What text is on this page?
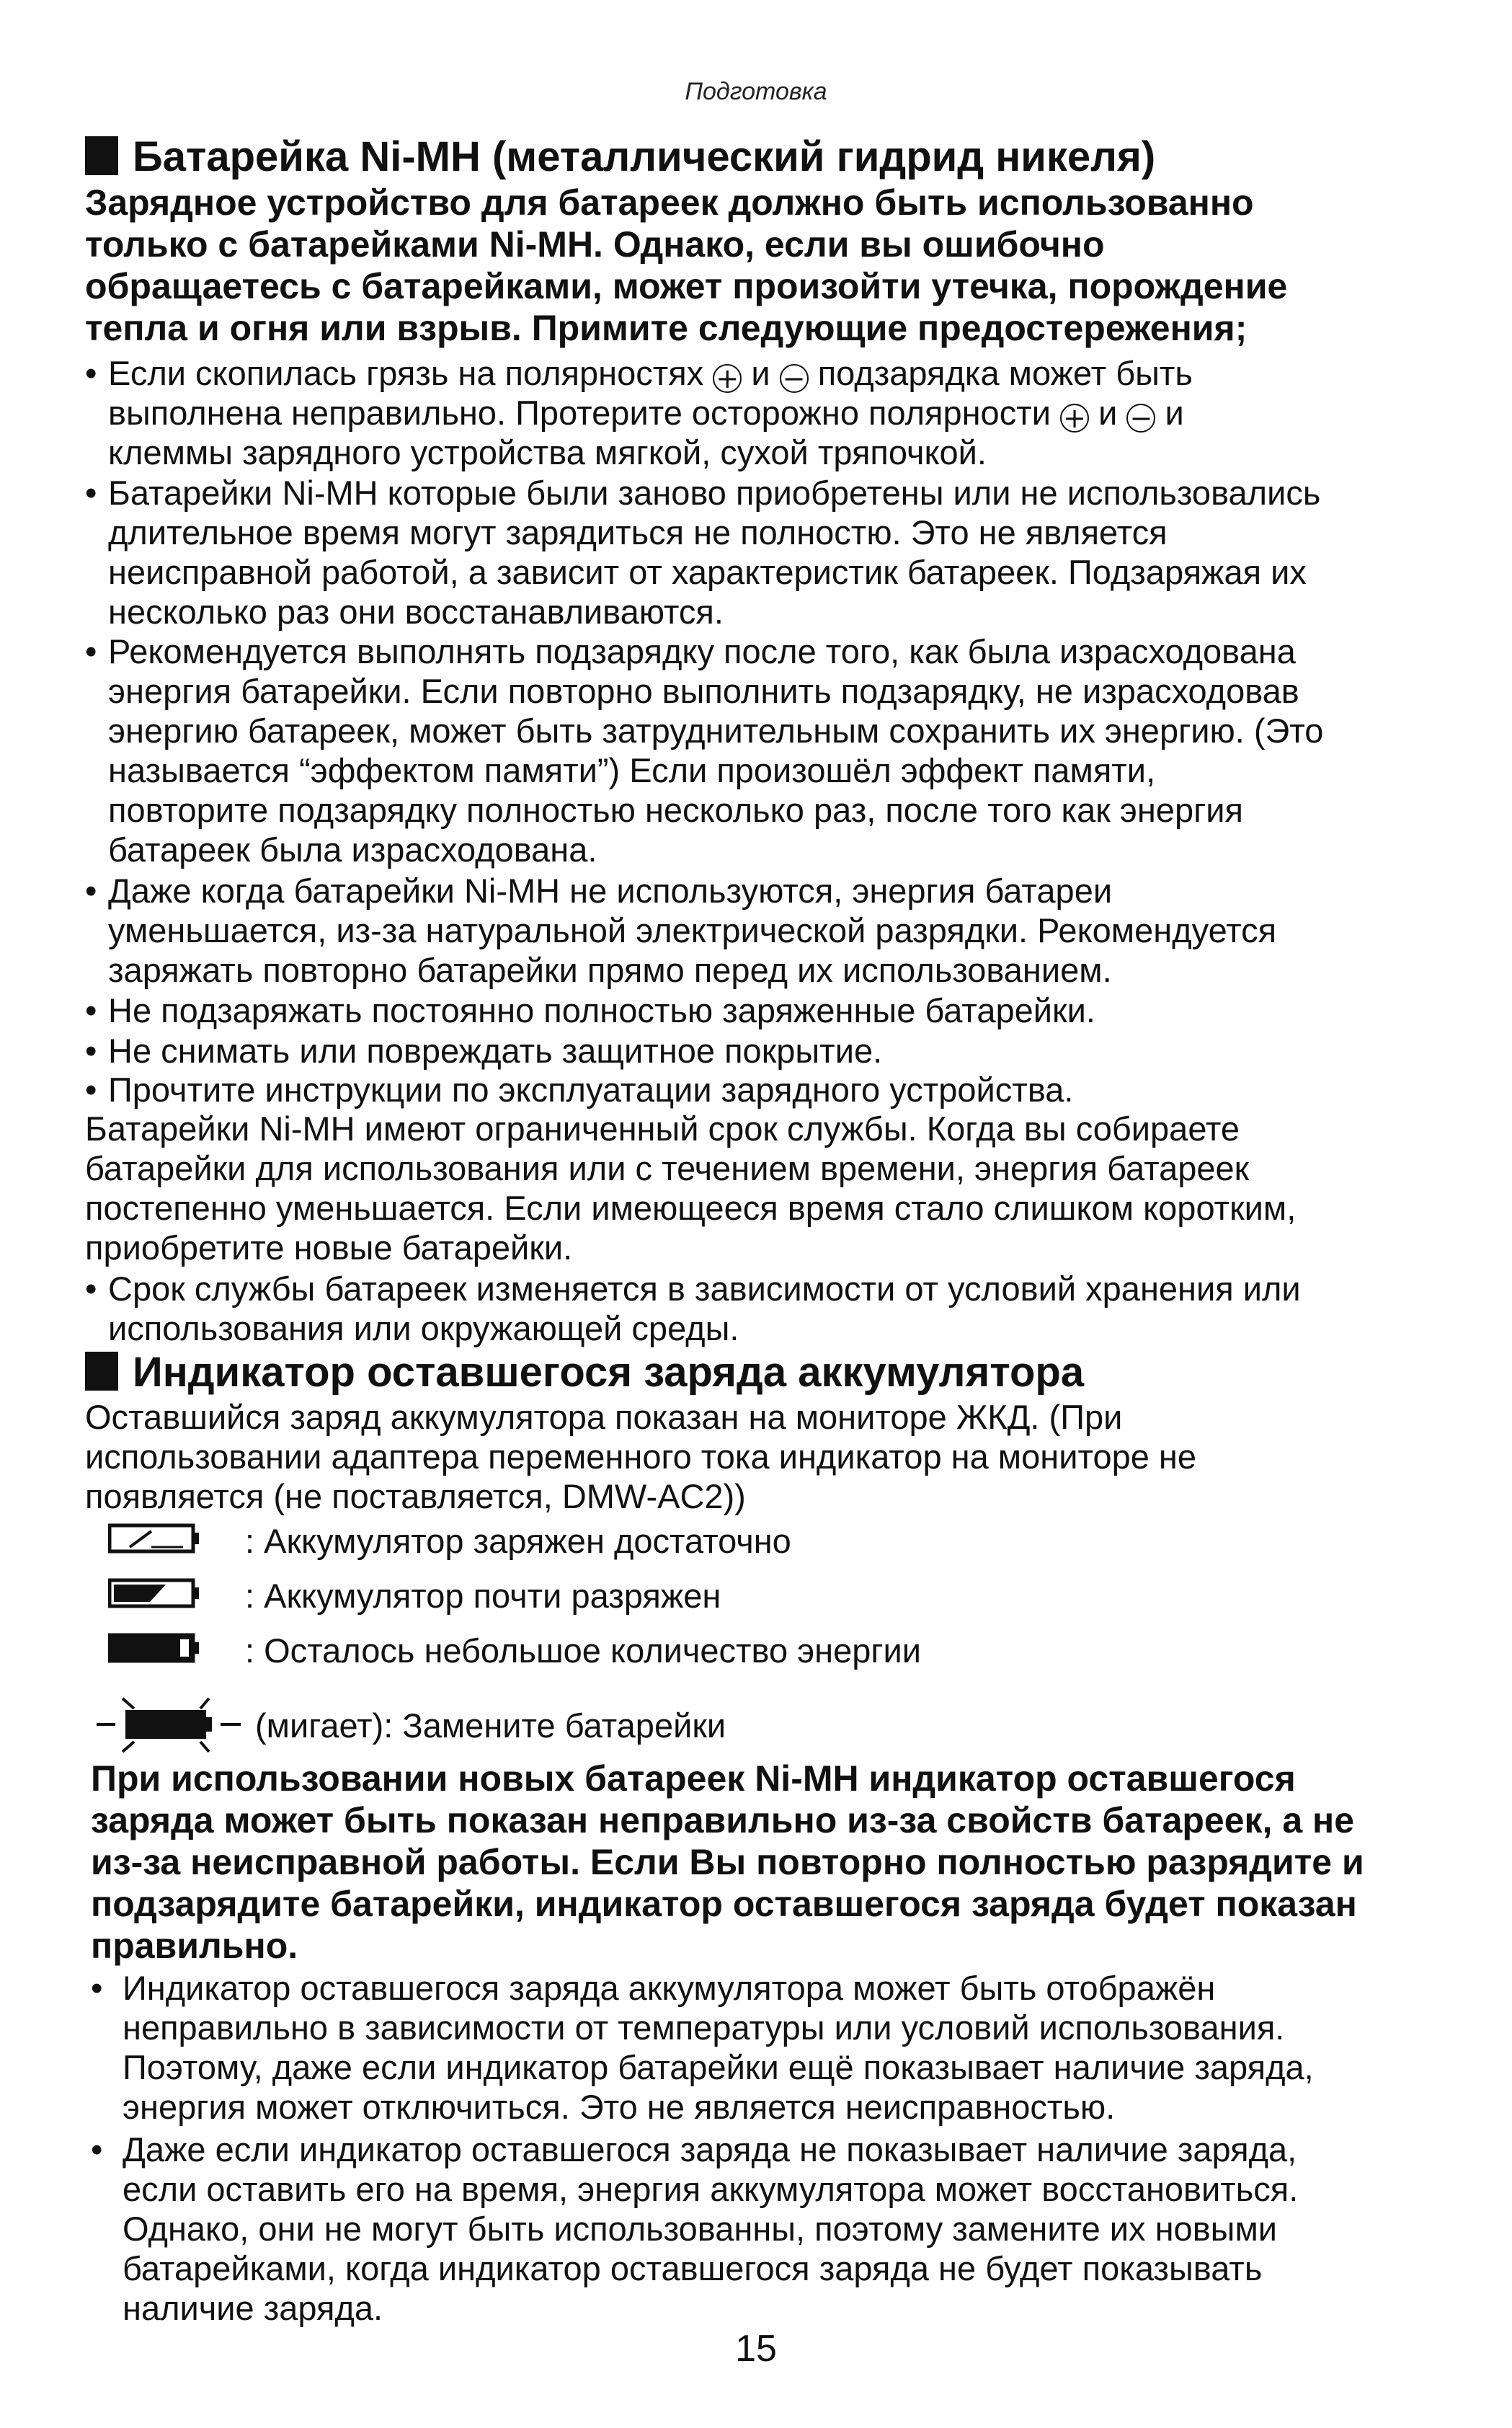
Подготовка
Батарейка Ni-MH (металлический гидрид никеля)
Зарядное устройство для батареек должно быть использованно
только с батарейками Ni-MH. Однако, если вы ошибочно
обращаетесь с батарейками, может произойти утечка, порождение
тепла и огня или взрыв. Примите следующие предостережения;
• Если скопилась грязь на полярностях + и − подзарядка может быть
выполнена неправильно. Протерите осторожно полярности + и − и
клеммы зарядного устройства мягкой, сухой тряпочкой.
• Батарейки Ni-MH которые были заново приобретены или не использовались
длительное время могут зарядиться не полностю. Это не является
неисправной работой, а зависит от характеристик батареек. Подзаряжая их
несколько раз они восстанавливаются.
• Рекомендуется выполнять подзарядку после того, как была израсходована
энергия батарейки. Если повторно выполнить подзарядку, не израсходовав
энергию батареек, может быть затруднительным сохранить их энергию. (Это
называется “эффектом памяти”) Если произошёл эффект памяти,
повторите подзарядку полностью несколько раз, после того как энергия
батареек была израсходована.
• Даже когда батарейки Ni-MH не используются, энергия батареи
уменьшается, из-за натуральной электрической разрядки. Рекомендуется
заряжать повторно батарейки прямо перед их использованием.
• Не подзаряжать постоянно полностью заряженные батарейки.
• Не снимать или повреждать защитное покрытие.
• Прочтите инструкции по эксплуатации зарядного устройства.
Батарейки Ni-MH имеют ограниченный срок службы. Когда вы собираете
батарейки для использования или с течением времени, энергия батареек
постепенно уменьшается. Если имеющееся время стало слишком коротким,
приобретите новые батарейки.
• Срок службы батареек изменяется в зависимости от условий хранения или
использования или окружающей среды.
Индикатор оставшегося заряда аккумулятора
Оставшийся заряд аккумулятора показан на мониторе ЖКД. (При
использовании адаптера переменного тока индикатор на мониторе не
появляется (не поставляется, DMW-AC2))
: Аккумулятор заряжен достаточно
: Аккумулятор почти разряжен
: Осталось небольшое количество энергии
(мигает): Замените батарейки
При использовании новых батареек Ni-MH индикатор оставшегося
заряда может быть показан неправильно из-за свойств батареек, а не
из-за неисправной работы. Если Вы повторно полностью разрядите и
подзарядите батарейки, индикатор оставшегося заряда будет показан
правильно.
• Индикатор оставшегося заряда аккумулятора может быть отображён
неправильно в зависимости от температуры или условий использования.
Поэтому, даже если индикатор батарейки ещё показывает наличие заряда,
энергия может отключиться. Это не является неисправностью.
• Даже если индикатор оставшегося заряда не показывает наличие заряда,
если оставить его на время, энергия аккумулятора может восстановиться.
Однако, они не могут быть использованны, поэтому замените их новыми
батарейками, когда индикатор оставшегося заряда не будет показывать
наличие заряда.
15
